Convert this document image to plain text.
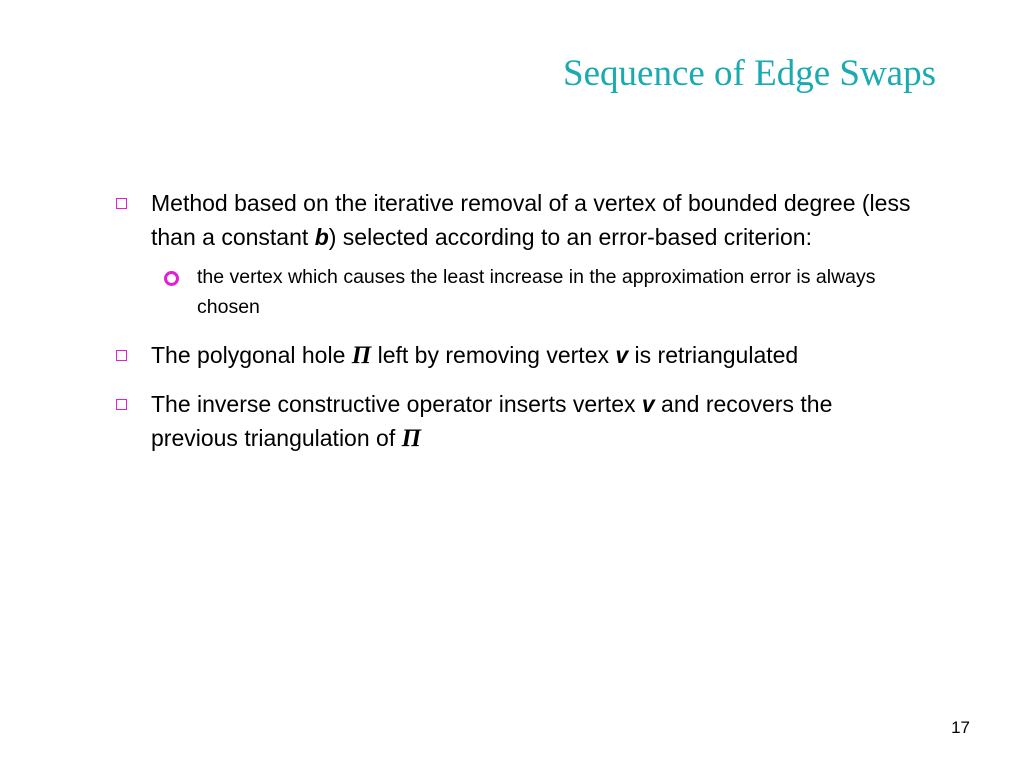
Sequence of Edge Swaps
Method based on the iterative removal of a vertex of bounded degree (less than a constant b) selected according to an error-based criterion:
the vertex which causes the least increase in the approximation error is always chosen
The polygonal hole Π left by removing vertex v is retriangulated
The inverse constructive operator inserts vertex v and recovers the previous triangulation of Π
17
